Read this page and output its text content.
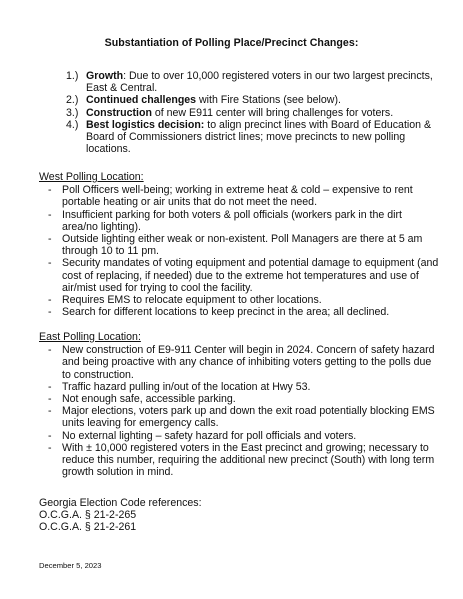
Substantiation of Polling Place/Precinct Changes:

1.) Growth: Due to over 10,000 registered voters in our two largest precincts, East & Central.

2.) Continued challenges with Fire Stations (see below).

3.) Construction of new E911 center will bring challenges for voters.

4.) Best logistics decision: to align precinct lines with Board of Education & Board of Commissioners district lines; move precincts to new polling locations.

West Polling Location:

- Poll Officers well-being; working in extreme heat & cold – expensive to rent portable heating or air units that do not meet the need.

- Insufficient parking for both voters & poll officials (workers park in the dirt area/no lighting).

- Outside lighting either weak or non-existent. Poll Managers are there at 5 am through 10 to 11 pm.

- Security mandates of voting equipment and potential damage to equipment (and cost of replacing, if needed) due to the extreme hot temperatures and use of air/mist used for trying to cool the facility.

- Requires EMS to relocate equipment to other locations.

- Search for different locations to keep precinct in the area; all declined.

East Polling Location:

- New construction of E9-911 Center will begin in 2024. Concern of safety hazard and being proactive with any chance of inhibiting voters getting to the polls due to construction.

- Traffic hazard pulling in/out of the location at Hwy 53.

- Not enough safe, accessible parking.

- Major elections, voters park up and down the exit road potentially blocking EMS units leaving for emergency calls.

- No external lighting – safety hazard for poll officials and voters.

- With ± 10,000 registered voters in the East precinct and growing; necessary to reduce this number, requiring the additional new precinct (South) with long term growth solution in mind.

Georgia Election Code references:
O.C.G.A. § 21-2-265
O.C.G.A. § 21-2-261
December 5, 2023
